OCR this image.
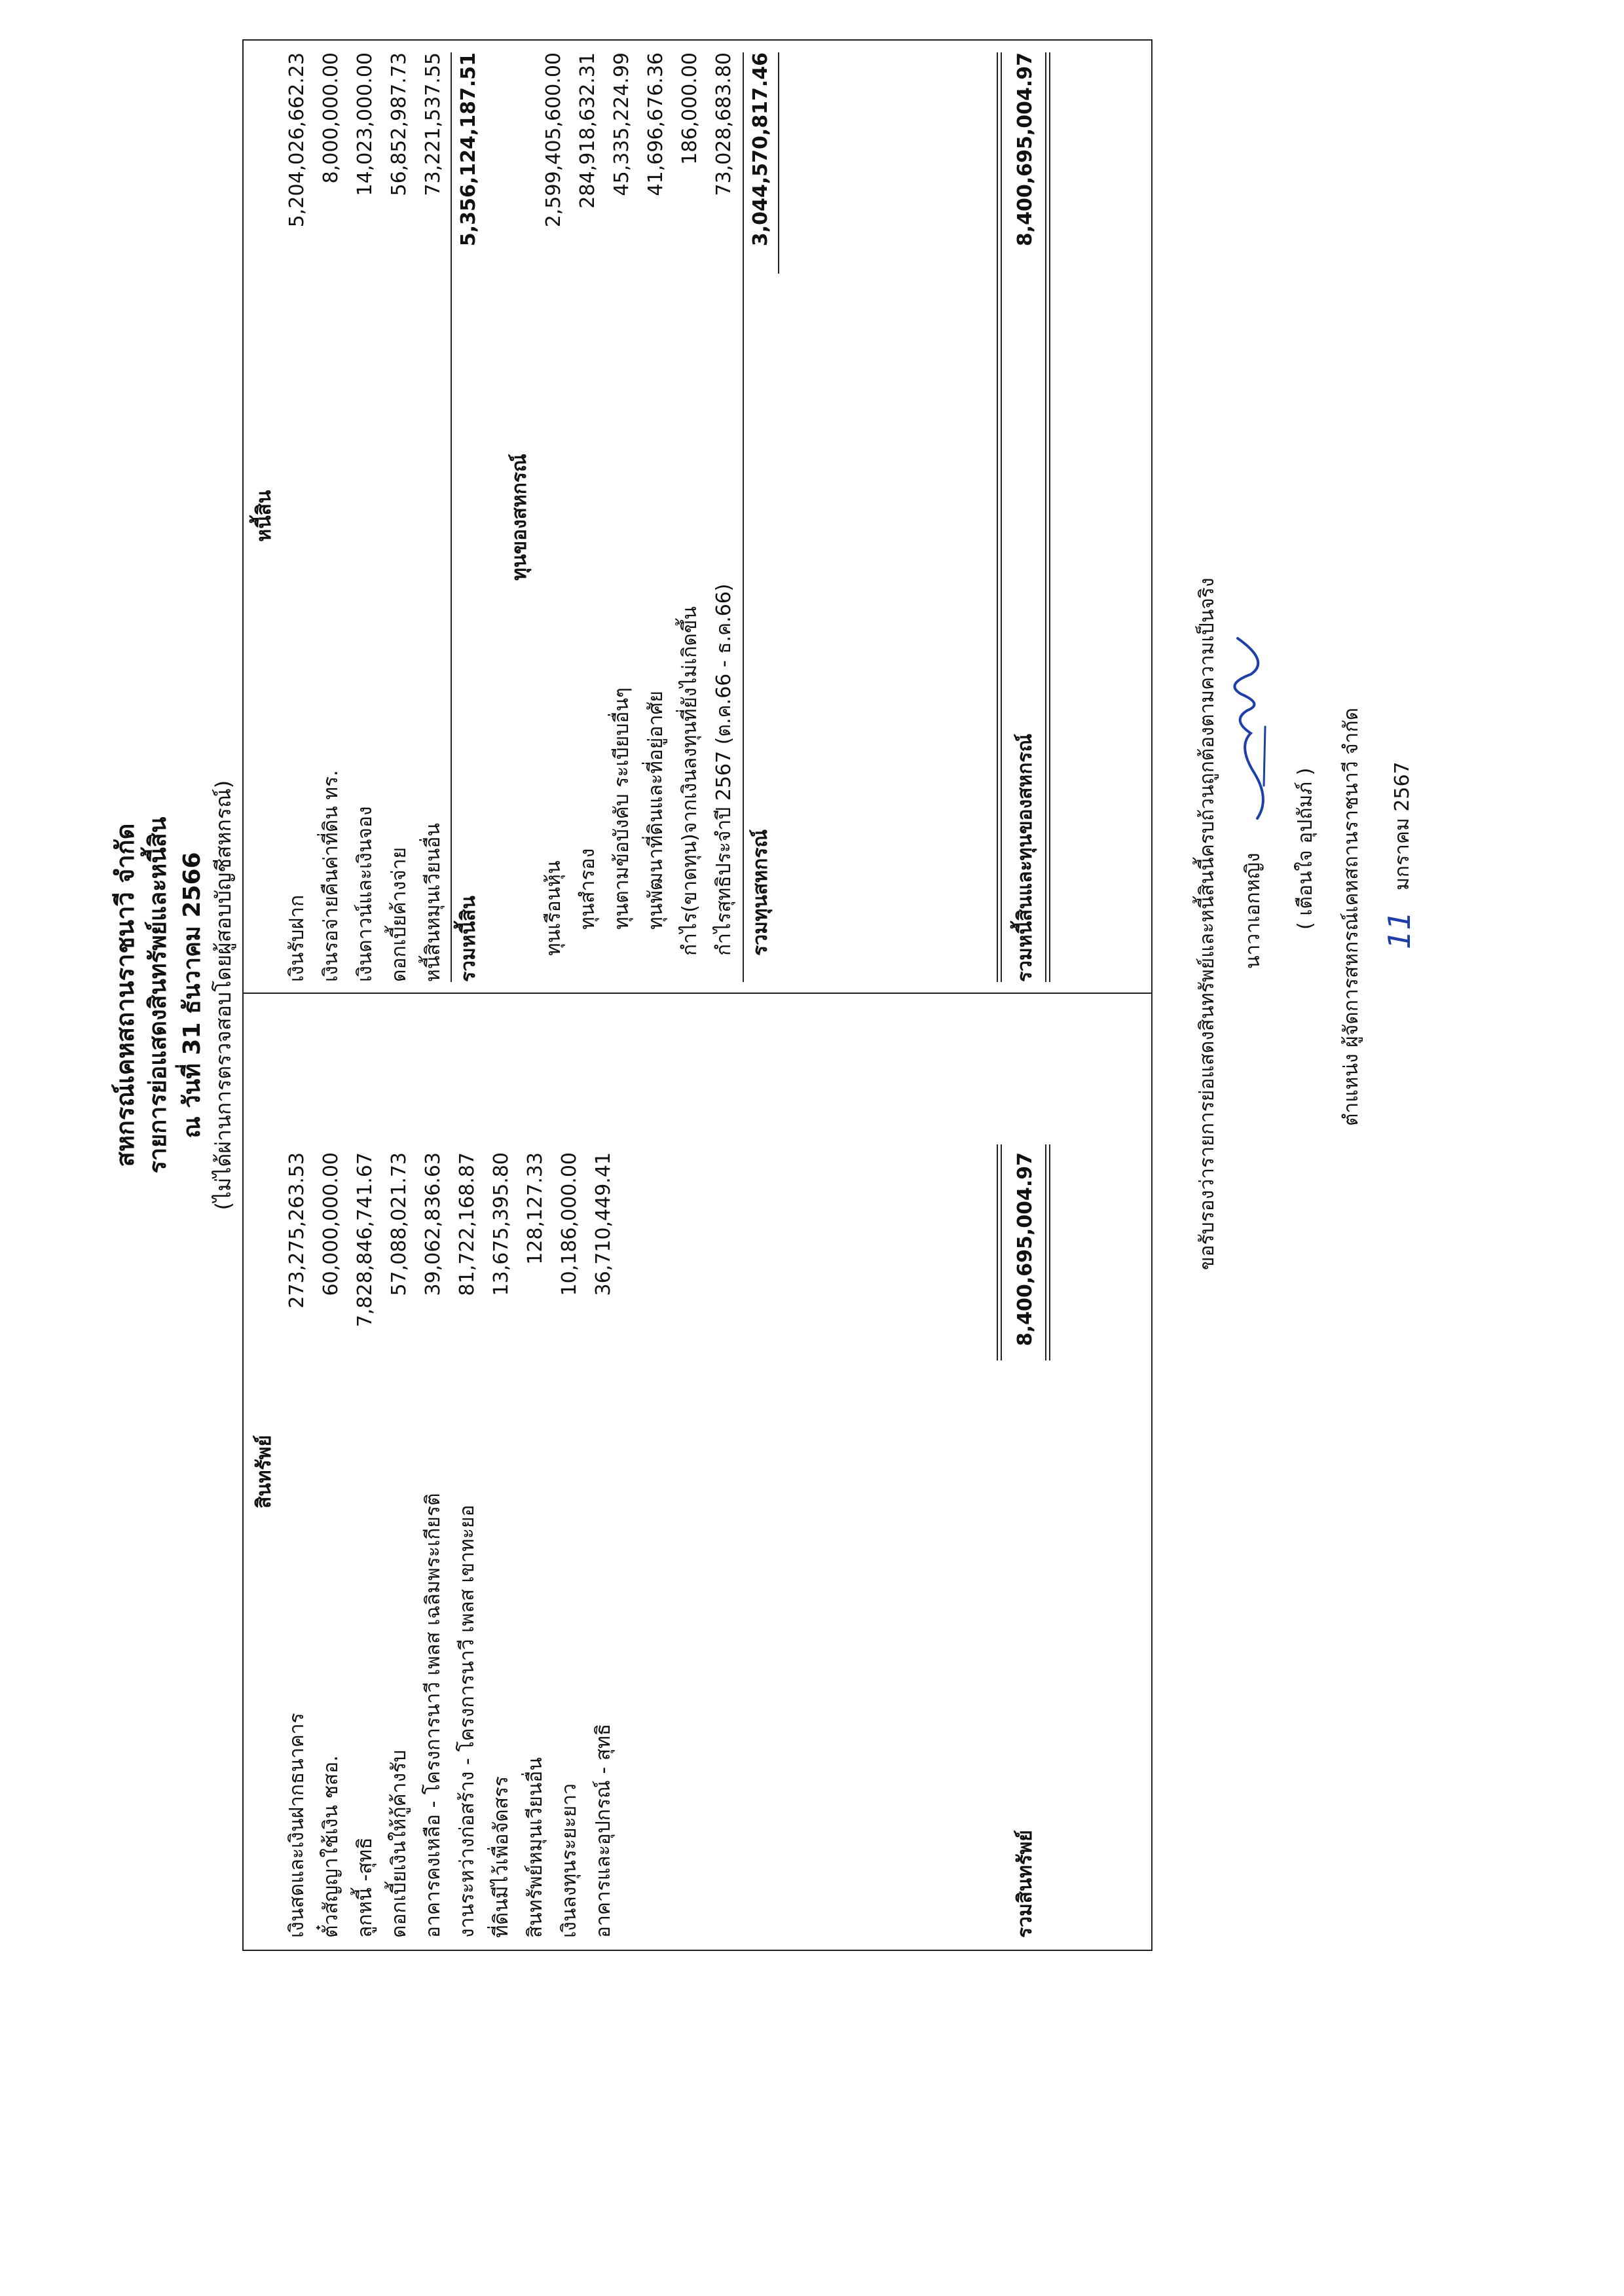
สหกรณ์เคหสถานราชนาวี จำกัด รายการย่อแสดงสินทรัพย์และหนี้สิน ณ วันที่ 31 ธันวาคม 2566 (ไม่ได้ผ่านการตรวจสอบโดยผู้สอบบัญชีสหกรณ์)
สินทรัพย์
หนี้สิน
เงินสดและเงินฝากธนาคาร
273,275,263.53
ตั๋วสัญญาใช้เงิน ชสอ.
60,000,000.00
ลูกหนี้ -สุทธิ
7,828,846,741.67
ดอกเบี้ยเงินให้กู้ค้างรับ
57,088,021.73
อาคารคงเหลือ - โครงการนาวี เพลส เฉลิมพระเกียรติ
39,062,836.63
งานระหว่างก่อสร้าง - โครงการนาวี เพลส เขาทะยอ
81,722,168.87
ที่ดินมีไว้เพื่อจัดสรร
13,675,395.80
สินทรัพย์หมุนเวียนอื่น
128,127.33
เงินลงทุนระยะยาว
10,186,000.00
อาคารและอุปกรณ์ - สุทธิ
36,710,449.41
รวมสินทรัพย์
8,400,695,004.97
เงินรับฝาก
5,204,026,662.23
เงินรอจ่ายคืนค่าที่ดิน ทร.
8,000,000.00
เงินดาวน์และเงินจอง
14,023,000.00
ดอกเบี้ยค้างจ่าย
56,852,987.73
หนี้สินหมุนเวียนอื่น
73,221,537.55
รวมหนี้สิน
5,356,124,187.51
ทุนของสหกรณ์
ทุนเรือนหุ้น
2,599,405,600.00
ทุนสำรอง
284,918,632.31
ทุนตามข้อบังคับ ระเบียบอื่นๆ
45,335,224.99
ทุนพัฒนาที่ดินและที่อยู่อาศัย
41,696,676.36
กำไร(ขาดทุน)จากเงินลงทุนที่ยังไม่เกิดขึ้น
186,000.00
กำไรสุทธิประจำปี 2567 (ต.ค.66 - ธ.ค.66)
73,028,683.80
รวมทุนสหกรณ์
3,044,570,817.46
รวมหนี้สินและทุนของสหกรณ์
8,400,695,004.97
ขอรับรองว่ารายการย่อแสดงสินทรัพย์และหนี้สินนี้ครบถ้วนถูกต้องตามความเป็นจริง นาวาเอกหญิง ( เตือนใจ อุปถัมภ์ ) ตำแหน่ง ผู้จัดการสหกรณ์เคหสถานราชนาวี จำกัด 11
มกราคม 2567
